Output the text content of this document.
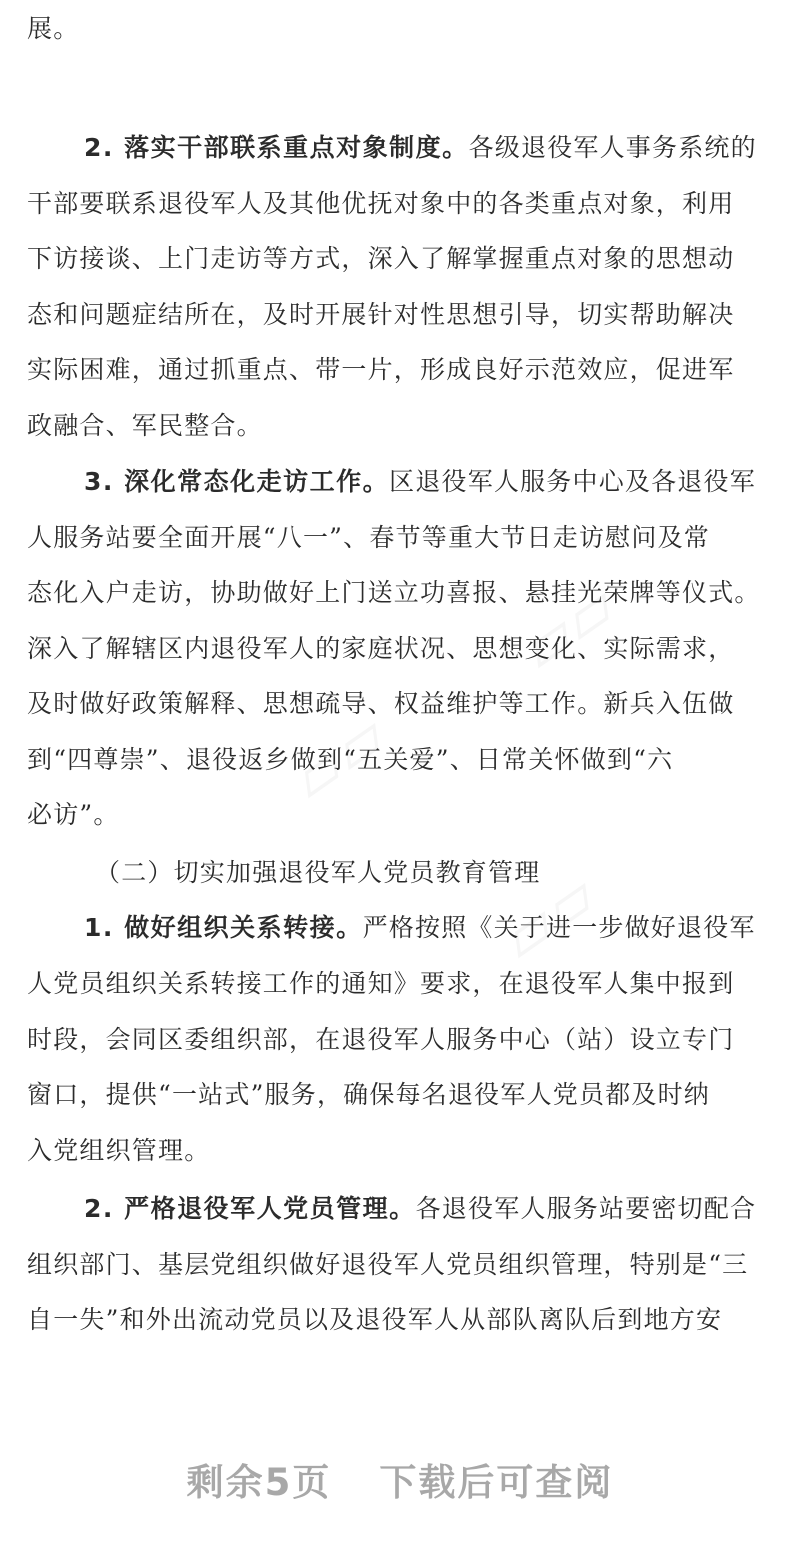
展。
2. 落实干部联系重点对象制度。各级退役军人事务系统的
干部要联系退役军人及其他优抚对象中的各类重点对象，利用
下访接谈、上门走访等方式，深入了解掌握重点对象的思想动
态和问题症结所在，及时开展针对性思想引导，切实帮助解决
实际困难，通过抓重点、带一片，形成良好示范效应，促进军
政融合、军民整合。
3. 深化常态化走访工作。区退役军人服务中心及各退役军
人服务站要全面开展“八一”、春节等重大节日走访慰问及常
态化入户走访，协助做好上门送立功喜报、悬挂光荣牌等仪式。
深入了解辖区内退役军人的家庭状况、思想变化、实际需求，
及时做好政策解释、思想疏导、权益维护等工作。新兵入伍做
到“四尊崇”、退役返乡做到“五关爱”、日常关怀做到“六
必访”。
（二）切实加强退役军人党员教育管理
1. 做好组织关系转接。严格按照《关于进一步做好退役军
人党员组织关系转接工作的通知》要求，在退役军人集中报到
时段，会同区委组织部，在退役军人服务中心（站）设立专门
窗口，提供“一站式”服务，确保每名退役军人党员都及时纳
入党组织管理。
2. 严格退役军人党员管理。各退役军人服务站要密切配合
组织部门、基层党组织做好退役军人党员组织管理，特别是“三
自一失”和外出流动党员以及退役军人从部队离队后到地方安
剩余5页 下载后可查阅
